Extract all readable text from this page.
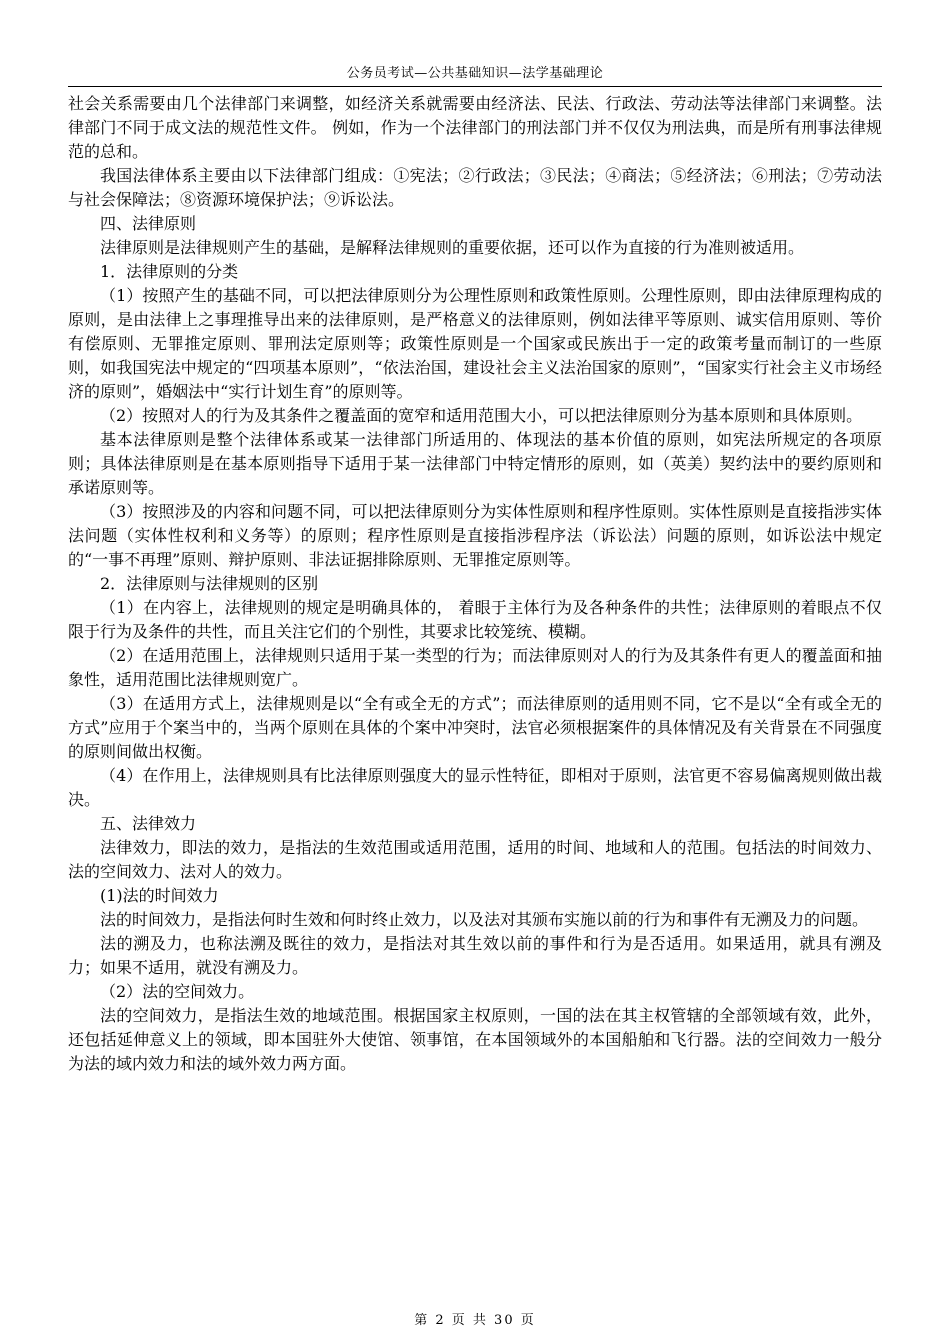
公务员考试—公共基础知识—法学基础理论

社会关系需要由几个法律部门来调整，如经济关系就需要由经济法、民法、行政法、劳动法等法律部门来调整。法律部门不同于成文法的规范性文件。 例如，作为一个法律部门的刑法部门并不仅仅为刑法典，而是所有刑事法律规范的总和。

我国法律体系主要由以下法律部门组成：①宪法；②行政法；③民法；④商法；⑤经济法；⑥刑法；⑦劳动法与社会保障法；⑧资源环境保护法；⑨诉讼法。

四、法律原则

法律原则是法律规则产生的基础，是解释法律规则的重要依据，还可以作为直接的行为准则被适用。

1．法律原则的分类

（1）按照产生的基础不同，可以把法律原则分为公理性原则和政策性原则。公理性原则，即由法律原理构成的原则，是由法律上之事理推导出来的法律原则，是严格意义的法律原则，例如法律平等原则、诚实信用原则、等价有偿原则、无罪推定原则、罪刑法定原则等；政策性原则是一个国家或民族出于一定的政策考量而制订的一些原则，如我国宪法中规定的“四项基本原则”，“依法治国，建设社会主义法治国家的原则”，“国家实行社会主义市场经济的原则”，婚姻法中“实行计划生育”的原则等。

（2）按照对人的行为及其条件之覆盖面的宽窄和适用范围大小，可以把法律原则分为基本原则和具体原则。

基本法律原则是整个法律体系或某一法律部门所适用的、体现法的基本价值的原则，如宪法所规定的各项原则；具体法律原则是在基本原则指导下适用于某一法律部门中特定情形的原则，如（英美）契约法中的要约原则和承诺原则等。

（3）按照涉及的内容和问题不同，可以把法律原则分为实体性原则和程序性原则。实体性原则是直接指涉实体法问题（实体性权利和义务等）的原则；程序性原则是直接指涉程序法（诉讼法）问题的原则，如诉讼法中规定的“一事不再理”原则、辩护原则、非法证据排除原则、无罪推定原则等。

2．法律原则与法律规则的区别

（1）在内容上，法律规则的规定是明确具体的， 着眼于主体行为及各种条件的共性；法律原则的着眼点不仅限于行为及条件的共性，而且关注它们的个别性，其要求比较笼统、模糊。

（2）在适用范围上，法律规则只适用于某一类型的行为；而法律原则对人的行为及其条件有更人的覆盖面和抽象性，适用范围比法律规则宽广。

（3）在适用方式上，法律规则是以“全有或全无的方式”；而法律原则的适用则不同，它不是以“全有或全无的方式”应用于个案当中的，当两个原则在具体的个案中冲突时，法官必须根据案件的具体情况及有关背景在不同强度的原则间做出权衡。

（4）在作用上，法律规则具有比法律原则强度大的显示性特征，即相对于原则，法官更不容易偏离规则做出裁决。

五、法律效力

法律效力，即法的效力，是指法的生效范围或适用范围，适用的时间、地域和人的范围。包括法的时间效力、法的空间效力、法对人的效力。

(1)法的时间效力

法的时间效力，是指法何时生效和何时终止效力，以及法对其颁布实施以前的行为和事件有无溯及力的问题。

法的溯及力，也称法溯及既往的效力，是指法对其生效以前的事件和行为是否适用。如果适用，就具有溯及力；如果不适用，就没有溯及力。

（2）法的空间效力。

法的空间效力，是指法生效的地域范围。根据国家主权原则，一国的法在其主权管辖的全部领域有效，此外，还包括延伸意义上的领域，即本国驻外大使馆、领事馆，在本国领域外的本国船舶和飞行器。法的空间效力一般分为法的域内效力和法的域外效力两方面。

第 2 页 共 30 页
